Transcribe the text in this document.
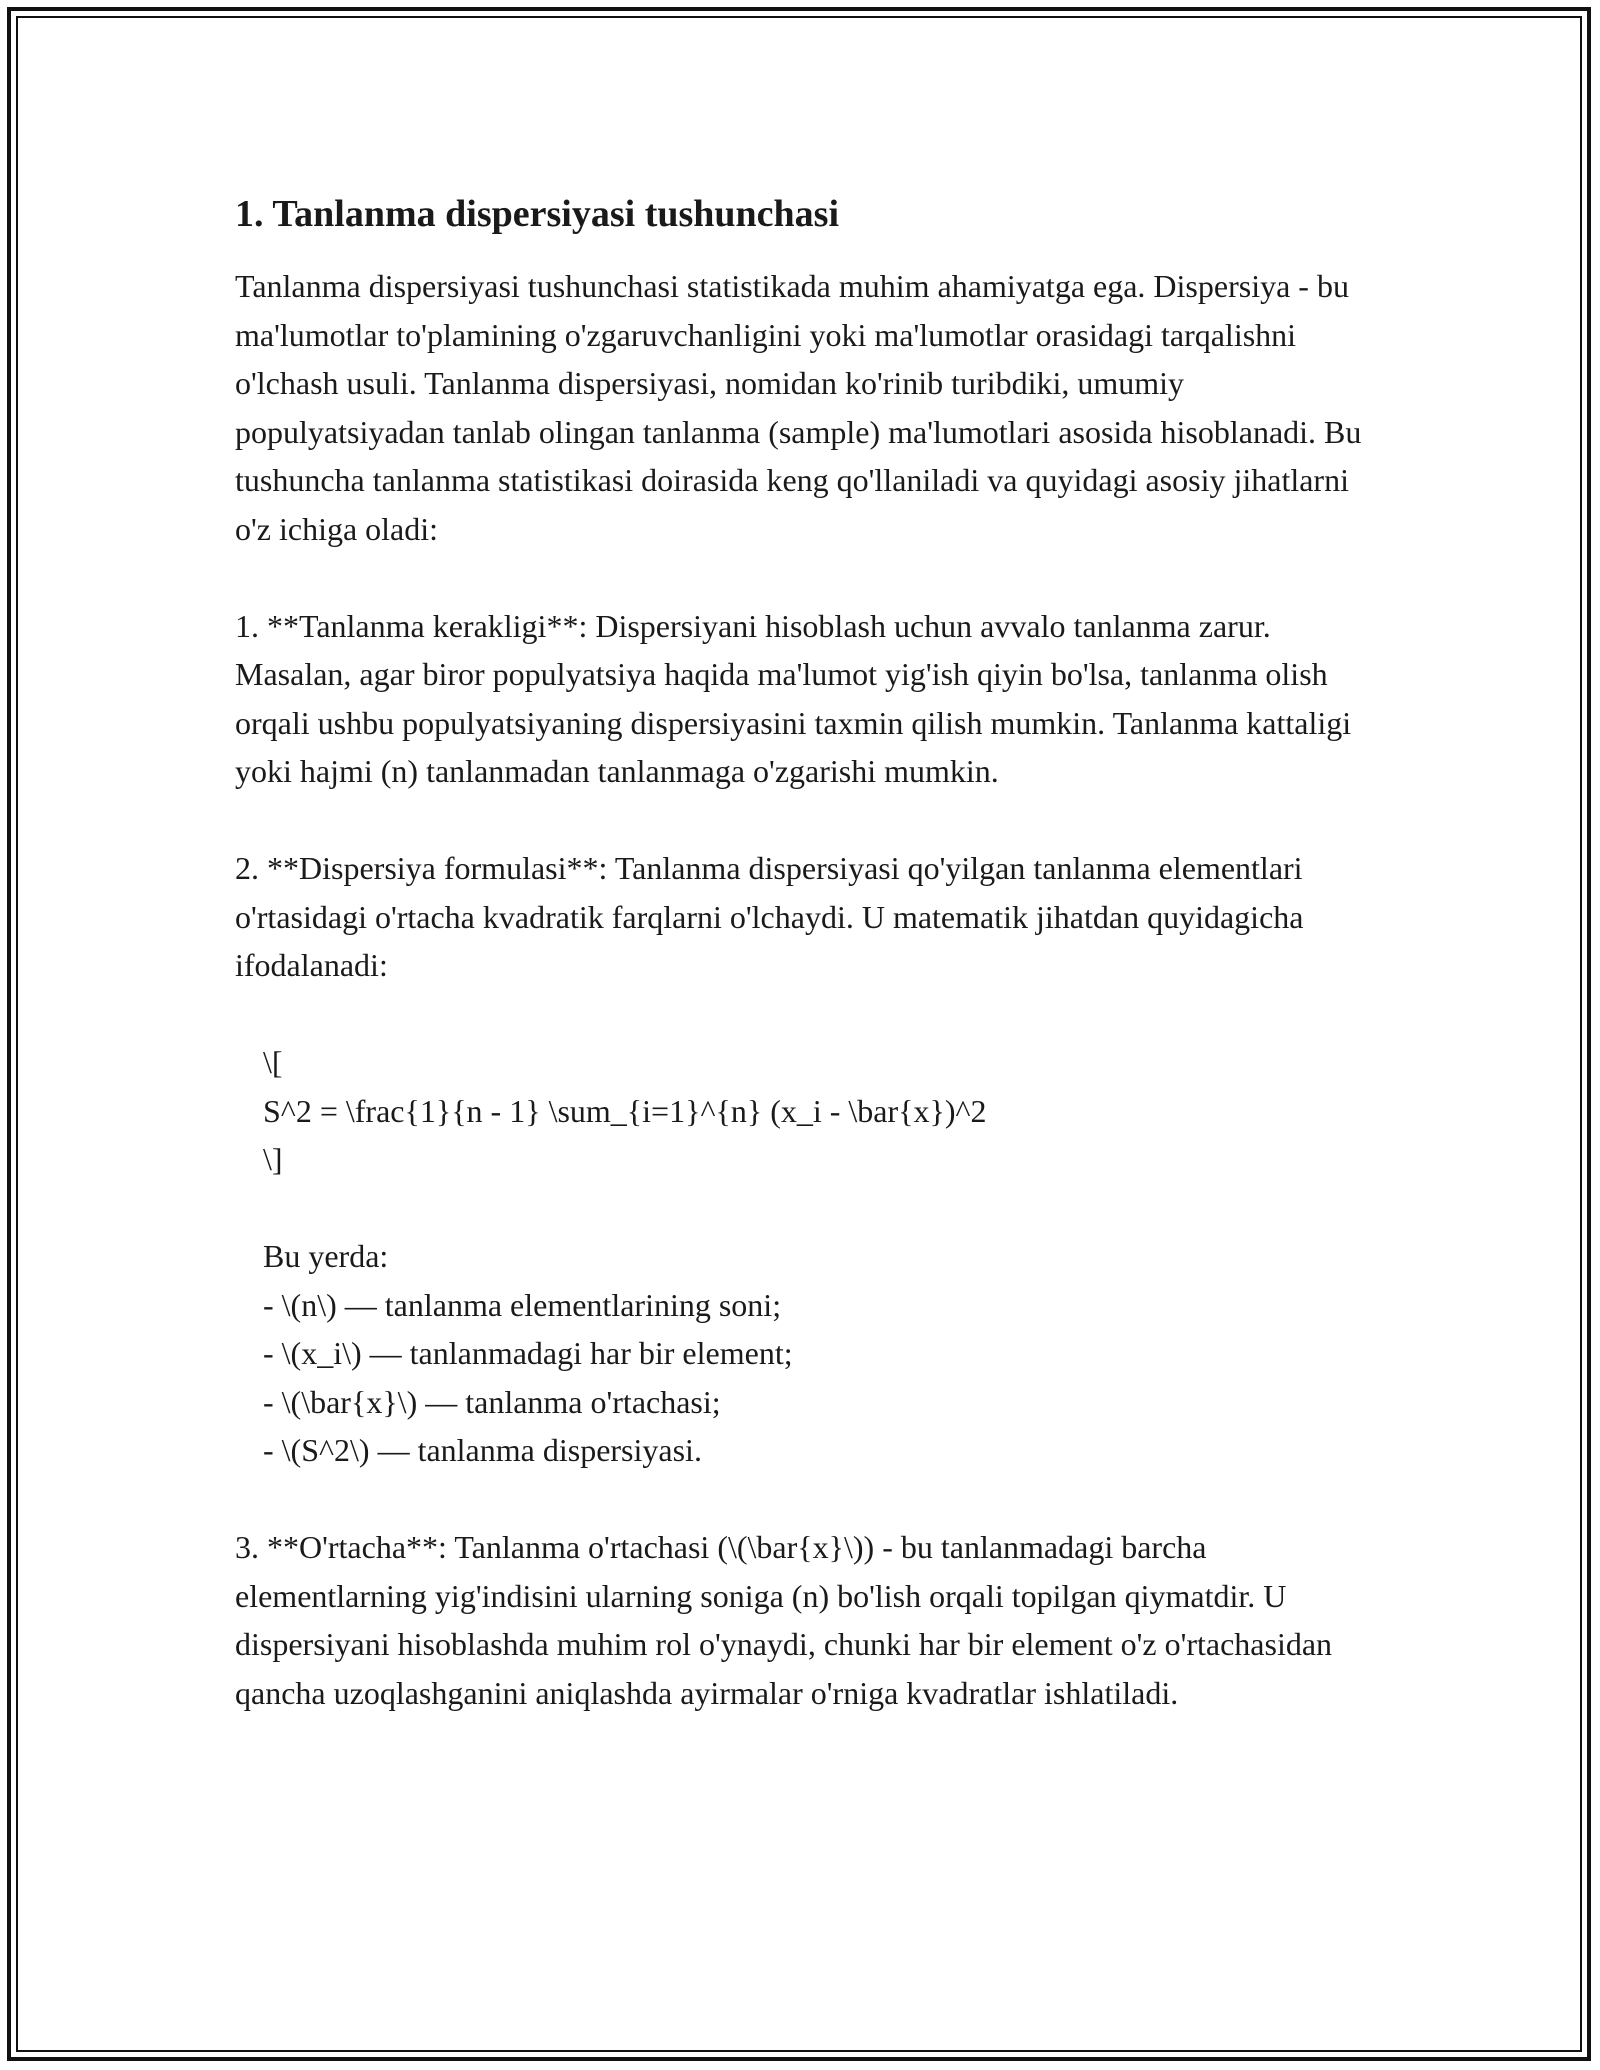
1. Tanlanma dispersiyasi tushunchasi

Tanlanma dispersiyasi tushunchasi statistikada muhim ahamiyatga ega. Dispersiya - bu ma'lumotlar to'plamining o'zgaruvchanligini yoki ma'lumotlar orasidagi tarqalishni o'lchash usuli. Tanlanma dispersiyasi, nomidan ko'rinib turibdiki, umumiy populyatsiyadan tanlab olingan tanlanma (sample) ma'lumotlari asosida hisoblanadi. Bu tushuncha tanlanma statistikasi doirasida keng qo'llaniladi va quyidagi asosiy jihatlarni o'z ichiga oladi:

1. **Tanlanma kerakligi**: Dispersiyani hisoblash uchun avvalo tanlanma zarur. Masalan, agar biror populyatsiya haqida ma'lumot yig'ish qiyin bo'lsa, tanlanma olish orqali ushbu populyatsiyaning dispersiyasini taxmin qilish mumkin. Tanlanma kattaligi yoki hajmi (n) tanlanmadan tanlanmaga o'zgarishi mumkin.

2. **Dispersiya formulasi**: Tanlanma dispersiyasi qo'yilgan tanlanma elementlari o'rtasidagi o'rtacha kvadratik farqlarni o'lchaydi. U matematik jihatdan quyidagicha ifodalanadi:

\[
S^2 = \frac{1}{n - 1} \sum_{i=1}^{n} (x_i - \bar{x})^2
\]
Bu yerda:
- \(n\) — tanlanma elementlarining soni;
- \(x_i\) — tanlanmadagi har bir element;
- \(\bar{x}\) — tanlanma o'rtachasi;
- \(S^2\) — tanlanma dispersiyasi.

3. **O'rtacha**: Tanlanma o'rtachasi (\(\bar{x}\)) - bu tanlanmadagi barcha elementlarning yig'indisini ularning soniga (n) bo'lish orqali topilgan qiymatdir. U dispersiyani hisoblashda muhim rol o'ynaydi, chunki har bir element o'z o'rtachasidan qancha uzoqlashganini aniqlashda ayirmalar o'rniga kvadratlar ishlatiladi.
